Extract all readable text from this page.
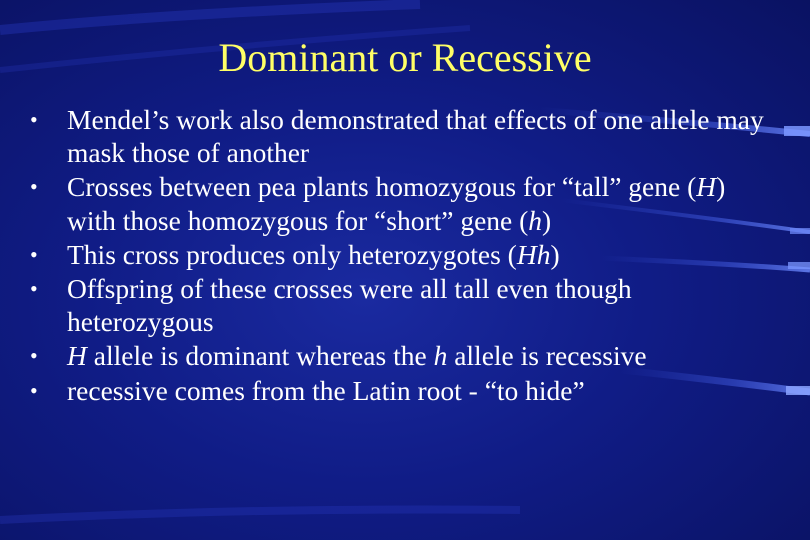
Dominant or Recessive
•	Mendel’s work also demonstrated that effects of one allele may mask those of another
•	Crosses between pea plants homozygous for “tall” gene (H) with those homozygous for “short” gene (h)
•	This cross produces only heterozygotes (Hh)
•	Offspring of these crosses were all tall even though heterozygous
•	H allele is dominant whereas the h allele is recessive
•	recessive comes from the Latin root - “to hide”
